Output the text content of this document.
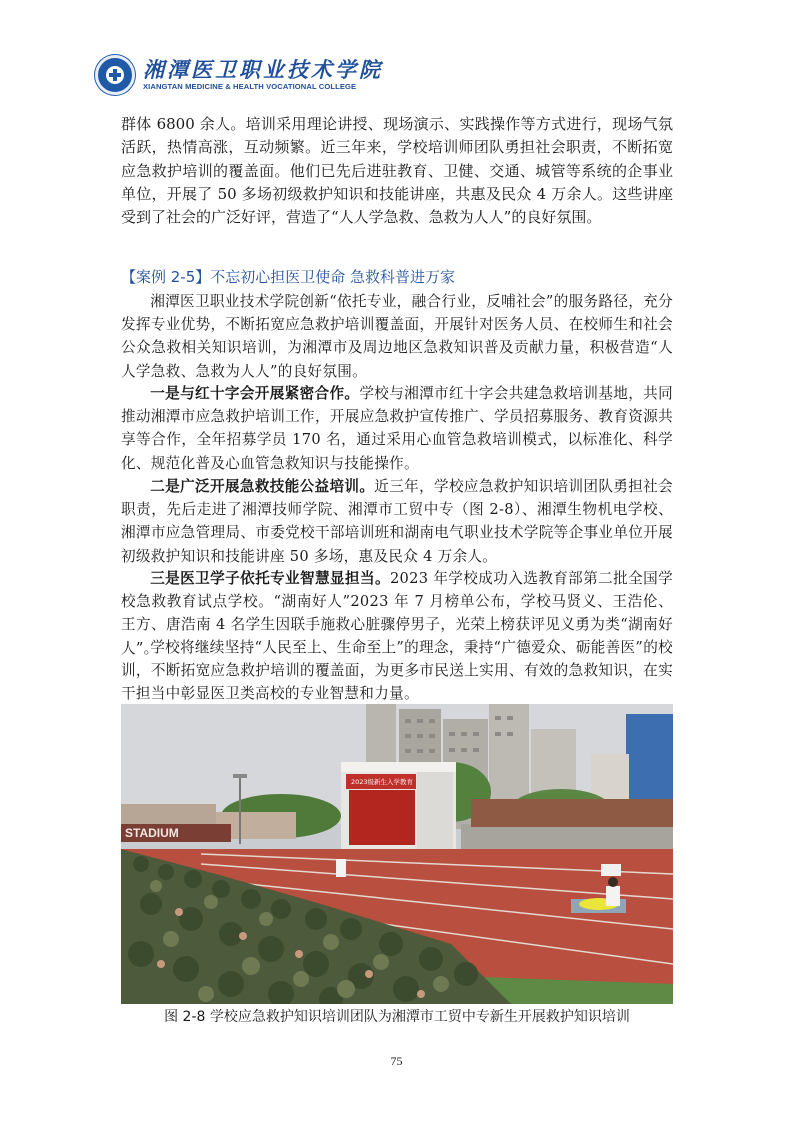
湘潭医卫职业技术学院
XIANGTAN MEDICINE & HEALTH VOCATIONAL COLLEGE

群体 6800 余人。培训采用理论讲授、现场演示、实践操作等方式进行，现场气氛活跃，热情高涨，互动频繁。近三年来，学校培训师团队勇担社会职责，不断拓宽应急救护培训的覆盖面。他们已先后进驻教育、卫健、交通、城管等系统的企事业单位，开展了 50 多场初级救护知识和技能讲座，共惠及民众 4 万余人。这些讲座受到了社会的广泛好评，营造了“人人学急救、急救为人人”的良好氛围。

【案例 2-5】不忘初心担医卫使命 急救科普进万家

湘潭医卫职业技术学院创新“依托专业，融合行业，反哺社会”的服务路径，充分发挥专业优势，不断拓宽应急救护培训覆盖面，开展针对医务人员、在校师生和社会公众急救相关知识培训，为湘潭市及周边地区急救知识普及贡献力量，积极营造“人人学急救、急救为人人”的良好氛围。

一是与红十字会开展紧密合作。学校与湘潭市红十字会共建急救培训基地，共同推动湘潭市应急救护培训工作，开展应急救护宣传推广、学员招募服务、教育资源共享等合作，全年招募学员 170 名，通过采用心血管急救培训模式，以标准化、科学化、规范化普及心血管急救知识与技能操作。

二是广泛开展急救技能公益培训。近三年，学校应急救护知识培训团队勇担社会职责，先后走进了湘潭技师学院、湘潭市工贸中专（图 2-8）、湘潭生物机电学校、湘潭市应急管理局、市委党校干部培训班和湖南电气职业技术学院等企事业单位开展初级救护知识和技能讲座 50 多场，惠及民众 4 万余人。

三是医卫学子依托专业智慧显担当。2023 年学校成功入选教育部第二批全国学校急救教育试点学校。“湖南好人”2023 年 7 月榜单公布，学校马贤义、王浩伦、王方、唐浩南 4 名学生因联手施救心脏骤停男子，光荣上榜获评见义勇为类“湖南好人”。

学校将继续坚持“人民至上、生命至上”的理念，秉持“广德爱众、砺能善医”的校训，不断拓宽应急救护培训的覆盖面，为更多市民送上实用、有效的急救知识，在实干担当中彰显医卫类高校的专业智慧和力量。

STADIUM
2023级新生入学教育
图 2-8 学校应急救护知识培训团队为湘潭市工贸中专新生开展救护知识培训
75
